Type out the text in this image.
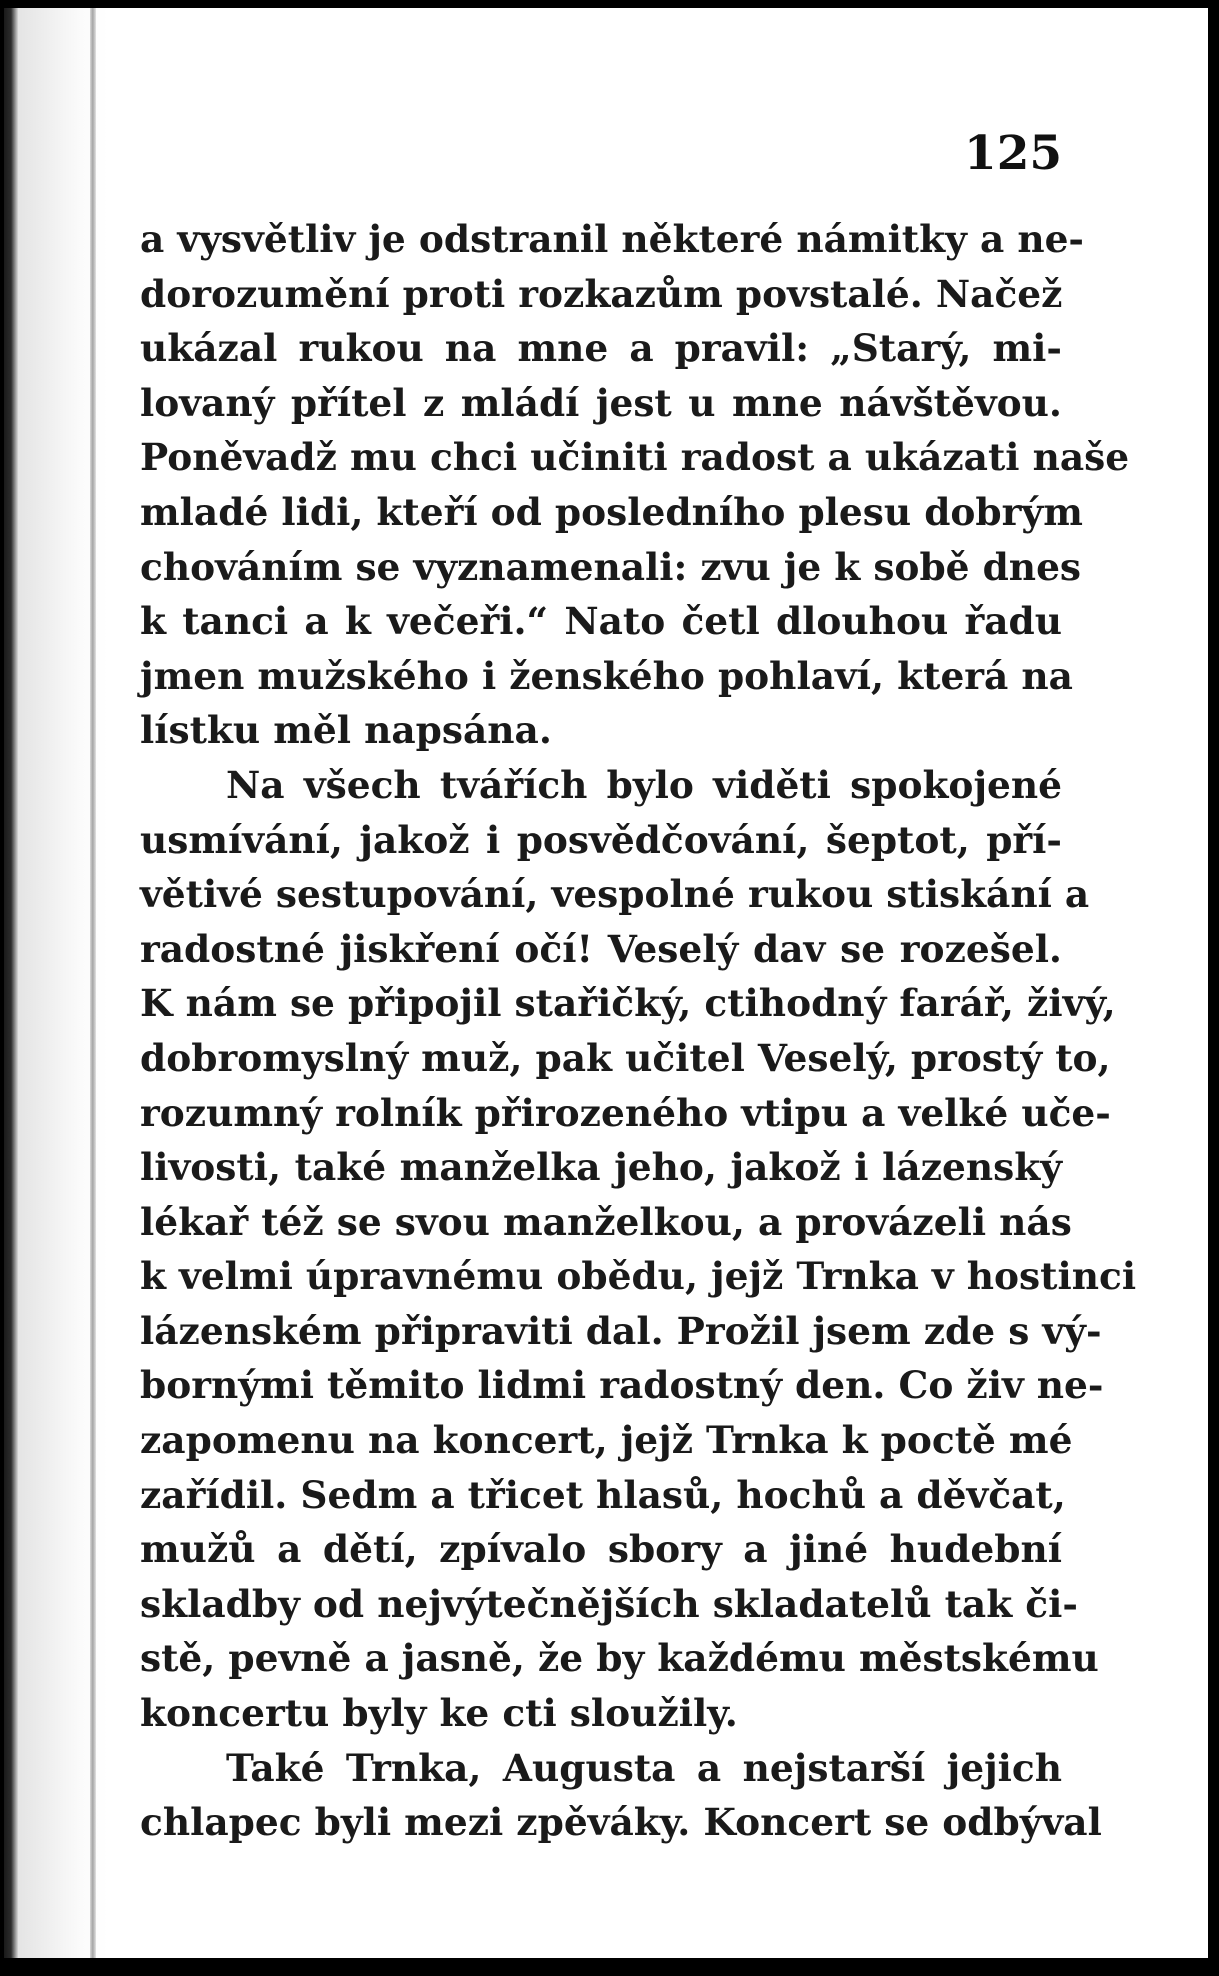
125
a vysvětliv je odstranil některé námitky a ne-
dorozumění proti rozkazům povstalé. Načež
ukázal rukou na mne a pravil: „Starý, mi-
lovaný přítel z mládí jest u mne návštěvou.
Poněvadž mu chci učiniti radost a ukázati naše
mladé lidi, kteří od posledního plesu dobrým
chováním se vyznamenali: zvu je k sobě dnes
k tanci a k večeři.“ Nato četl dlouhou řadu
jmen mužského i ženského pohlaví, která na
lístku měl napsána.
Na všech tvářích bylo viděti spokojené
usmívání, jakož i posvědčování, šeptot, pří-
větivé sestupování, vespolné rukou stiskání a
radostné jiskření očí! Veselý dav se rozešel.
K nám se připojil stařičký, ctihodný farář, živý,
dobromyslný muž, pak učitel Veselý, prostý to,
rozumný rolník přirozeného vtipu a velké uče-
livosti, také manželka jeho, jakož i lázenský
lékař též se svou manželkou, a provázeli nás
k velmi úpravnému obědu, jejž Trnka v hostinci
lázenském připraviti dal. Prožil jsem zde s vý-
bornými těmito lidmi radostný den. Co živ ne-
zapomenu na koncert, jejž Trnka k poctě mé
zařídil. Sedm a třicet hlasů, hochů a děvčat,
mužů a dětí, zpívalo sbory a jiné hudební
skladby od nejvýtečnějších skladatelů tak či-
stě, pevně a jasně, že by každému městskému
koncertu byly ke cti sloužily.
Také Trnka, Augusta a nejstarší jejich
chlapec byli mezi zpěváky. Koncert se odbýval
